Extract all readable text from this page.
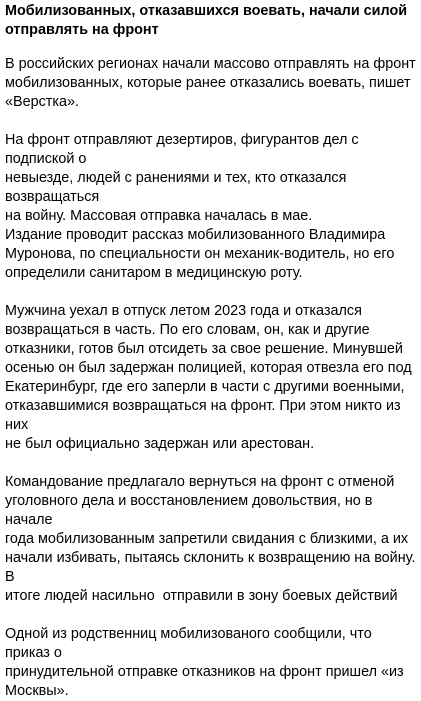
Мобилизованных, отказавшихся воевать, начали силой
отправлять на фронт

В российских регионах начали массово отправлять на фронт
мобилизованных, которые ранее отказались воевать, пишет
«Верстка».

На фронт отправляют дезертиров, фигурантов дел с подпиской о
невыезде, людей с ранениями и тех, кто отказался возвращаться
на войну. Массовая отправка началась в мае.
Издание проводит рассказ мобилизованного Владимира
Муронова, по специальности он механик-водитель, но его
определили санитаром в медицинскую роту.

Мужчина уехал в отпуск летом 2023 года и отказался
возвращаться в часть. По его словам, он, как и другие
отказники, готов был отсидеть за свое решение. Минувшей
осенью он был задержан полицией, которая отвезла его под
Екатеринбург, где его заперли в части с другими военными,
отказавшимися возвращаться на фронт. При этом никто из них
не был официально задержан или арестован.

Командование предлагало вернуться на фронт с отменой
уголовного дела и восстановлением довольствия, но в начале
года мобилизованным запретили свидания с близкими, а их
начали избивать, пытаясь склонить к возвращению на войну. В
итоге людей насильно  отправили в зону боевых действий

Одной из родственниц мобилизованого сообщили, что приказ о
принудительной отправке отказников на фронт пришел «из
Москвы».
